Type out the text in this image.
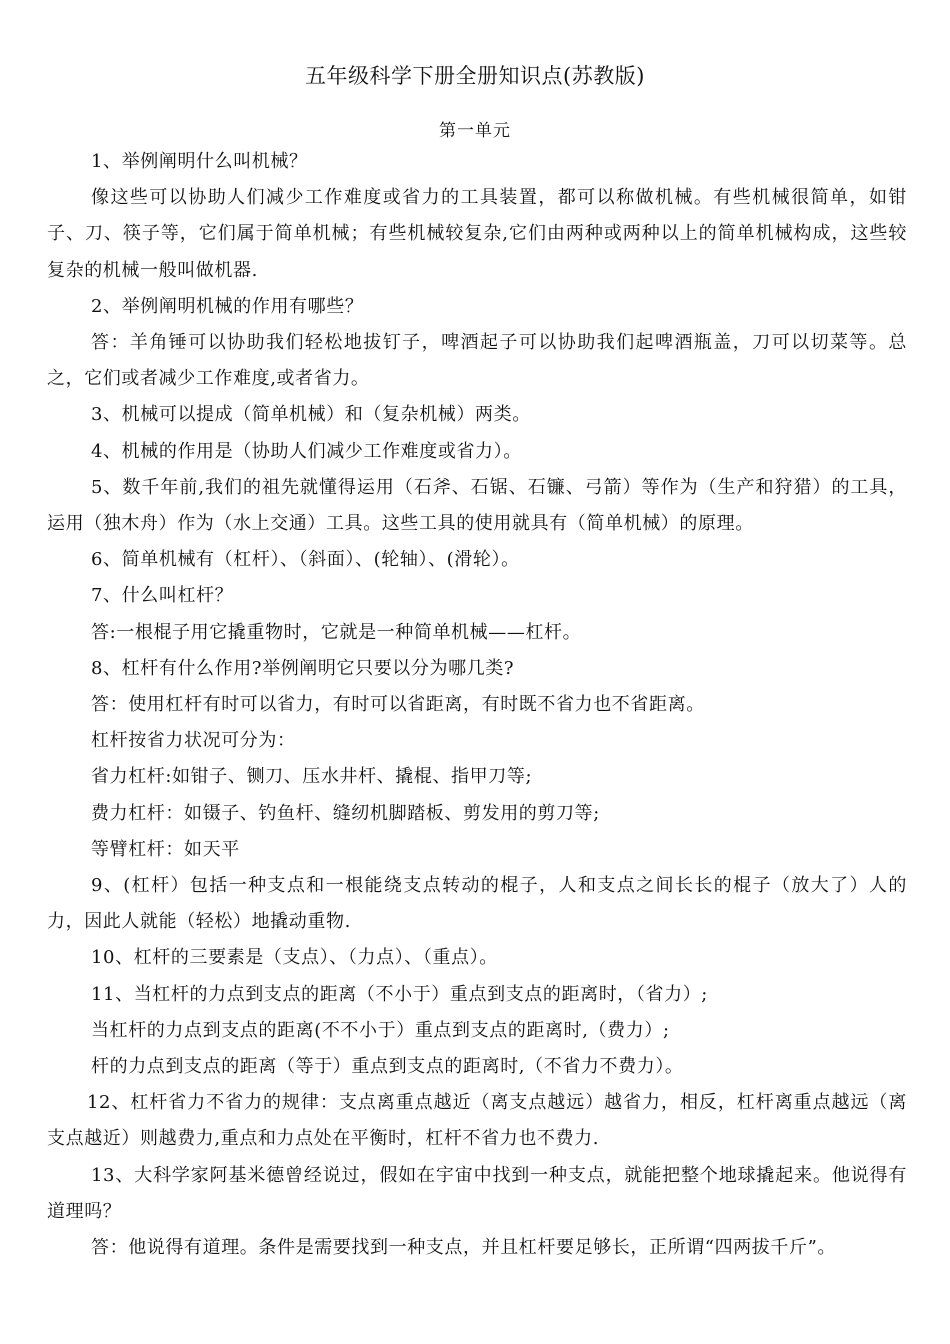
五年级科学下册全册知识点(苏教版)
第一单元

1、举例阐明什么叫机械？

像这些可以协助人们减少工作难度或省力的工具装置，都可以称做机械。有些机械很简单，如钳子、刀、筷子等，它们属于简单机械；有些机械较复杂,它们由两种或两种以上的简单机械构成，这些较复杂的机械一般叫做机器.

2、举例阐明机械的作用有哪些？

答：羊角锤可以协助我们轻松地拔钉子，啤酒起子可以协助我们起啤酒瓶盖，刀可以切菜等。总之，它们或者减少工作难度,或者省力。

3、机械可以提成（简单机械）和（复杂机械）两类。

4、机械的作用是（协助人们减少工作难度或省力）。

5、数千年前,我们的祖先就懂得运用（石斧、石锯、石镰、弓箭）等作为（生产和狩猎）的工具，运用（独木舟）作为（水上交通）工具。这些工具的使用就具有（简单机械）的原理。

6、简单机械有（杠杆）、（斜面）、(轮轴）、(滑轮）。

7、什么叫杠杆？

答:一根棍子用它撬重物时，它就是一种简单机械——杠杆。

8、杠杆有什么作用?举例阐明它只要以分为哪几类?

答：使用杠杆有时可以省力，有时可以省距离，有时既不省力也不省距离。

杠杆按省力状况可分为：

省力杠杆:如钳子、铡刀、压水井杆、撬棍、指甲刀等;

费力杠杆：如镊子、钓鱼杆、缝纫机脚踏板、剪发用的剪刀等;

等臂杠杆：如天平

9、(杠杆）包括一种支点和一根能绕支点转动的棍子，人和支点之间长长的棍子（放大了）人的力，因此人就能（轻松）地撬动重物.

10、杠杆的三要素是（支点）、（力点）、（重点）。

11、当杠杆的力点到支点的距离（不小于）重点到支点的距离时，（省力）;

当杠杆的力点到支点的距离(不不小于）重点到支点的距离时,（费力）;

杆的力点到支点的距离（等于）重点到支点的距离时,（不省力不费力）。

12、杠杆省力不省力的规律：支点离重点越近（离支点越远）越省力，相反，杠杆离重点越远（离支点越近）则越费力,重点和力点处在平衡时，杠杆不省力也不费力.

13、大科学家阿基米德曾经说过，假如在宇宙中找到一种支点，就能把整个地球撬起来。他说得有道理吗？

答：他说得有道理。条件是需要找到一种支点，并且杠杆要足够长，正所谓“四两拔千斤”。
